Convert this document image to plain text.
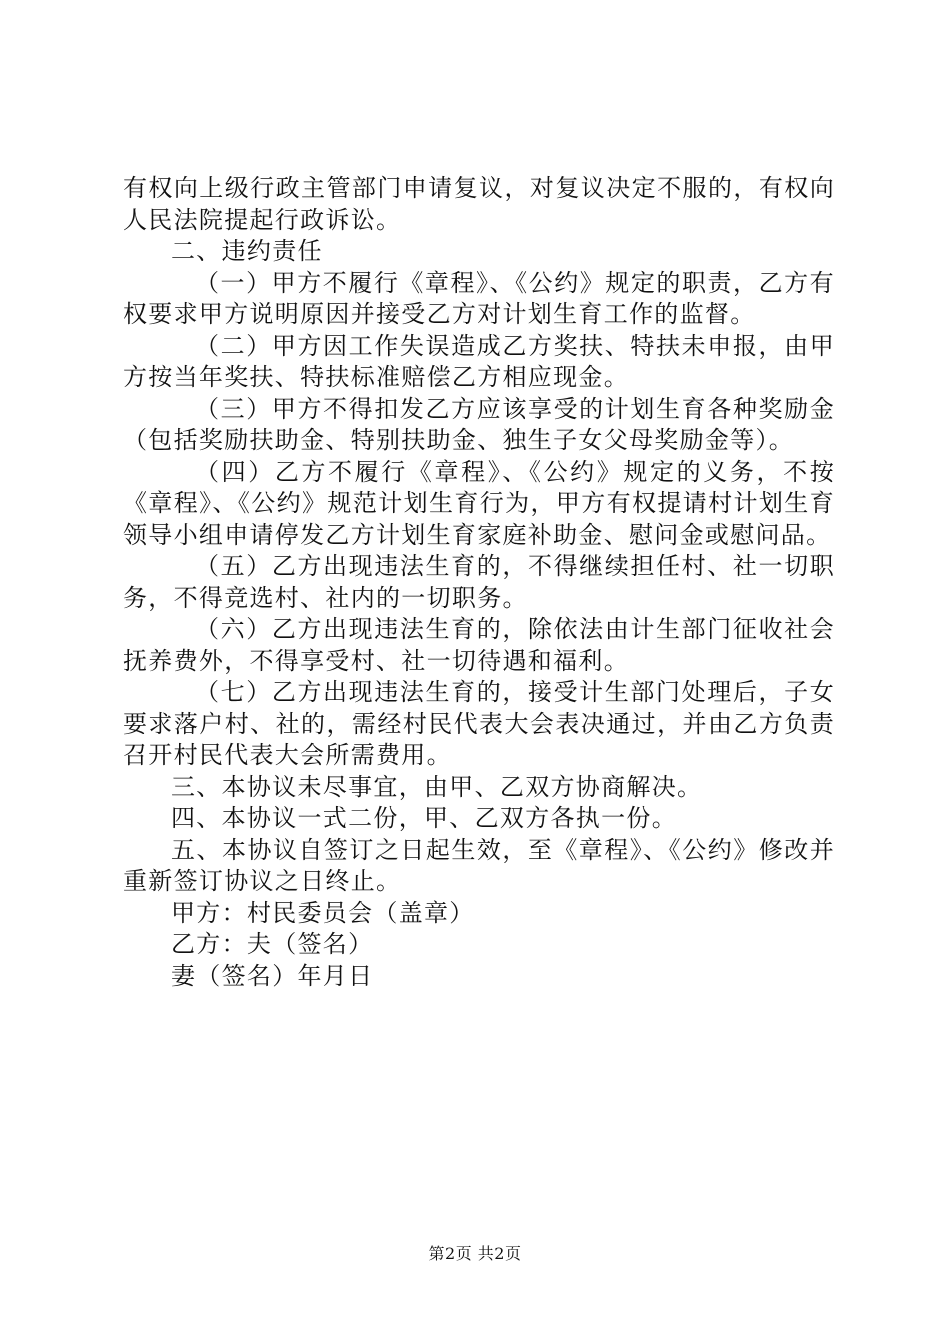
有权向上级行政主管部门申请复议，对复议决定不服的，有权向人民法院提起行政诉讼。

二、违约责任

（一）甲方不履行《章程》、《公约》规定的职责，乙方有权要求甲方说明原因并接受乙方对计划生育工作的监督。

（二）甲方因工作失误造成乙方奖扶、特扶未申报，由甲方按当年奖扶、特扶标准赔偿乙方相应现金。

（三）甲方不得扣发乙方应该享受的计划生育各种奖励金（包括奖励扶助金、特别扶助金、独生子女父母奖励金等）。

（四）乙方不履行《章程》、《公约》规定的义务，不按《章程》、《公约》规范计划生育行为，甲方有权提请村计划生育领导小组申请停发乙方计划生育家庭补助金、慰问金或慰问品。

（五）乙方出现违法生育的，不得继续担任村、社一切职务，不得竞选村、社内的一切职务。

（六）乙方出现违法生育的，除依法由计生部门征收社会抚养费外，不得享受村、社一切待遇和福利。

（七）乙方出现违法生育的，接受计生部门处理后，子女要求落户村、社的，需经村民代表大会表决通过，并由乙方负责召开村民代表大会所需费用。

三、本协议未尽事宜，由甲、乙双方协商解决。

四、本协议一式二份，甲、乙双方各执一份。

五、本协议自签订之日起生效，至《章程》、《公约》修改并重新签订协议之日终止。

甲方：村民委员会（盖章）

乙方：夫（签名）

妻（签名）年月日

第2页 共2页
